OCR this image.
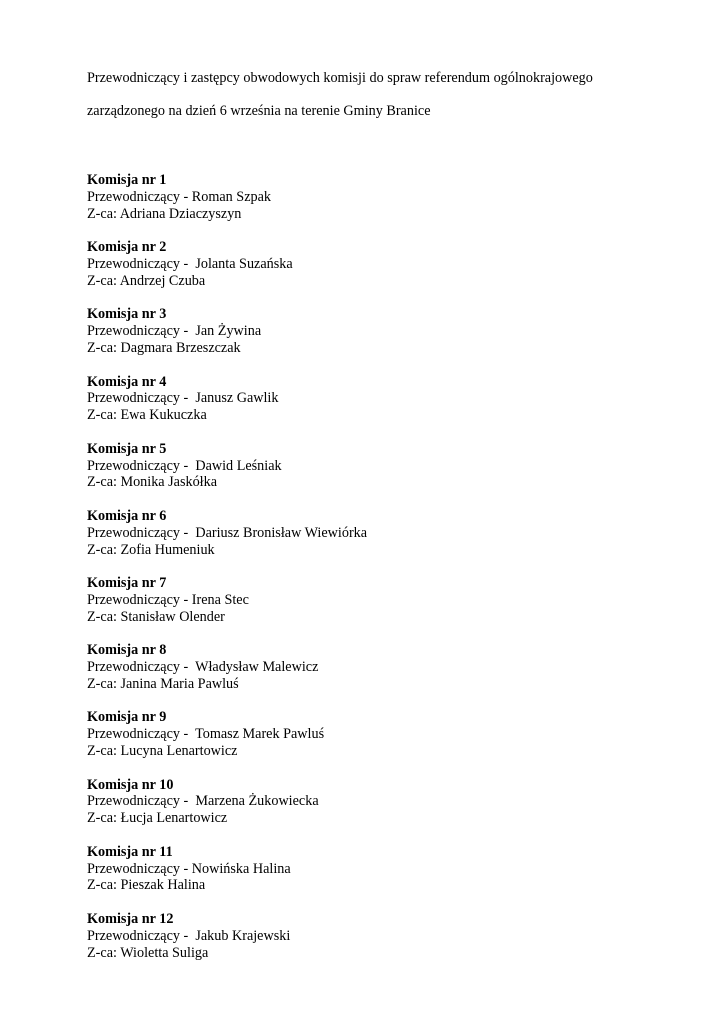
Przewodniczący i zastępcy obwodowych komisji do spraw referendum ogólnokrajowego

zarządzonego na dzień 6 września na terenie Gminy Branice

Komisja nr 1
Przewodniczący - Roman Szpak
Z-ca: Adriana Dziaczyszyn
Komisja nr 2
Przewodniczący -  Jolanta Suzańska
Z-ca: Andrzej Czuba
Komisja nr 3
Przewodniczący -  Jan Żywina
Z-ca: Dagmara Brzeszczak
Komisja nr 4
Przewodniczący -  Janusz Gawlik
Z-ca: Ewa Kukuczka
Komisja nr 5
Przewodniczący -  Dawid Leśniak
Z-ca: Monika Jaskółka
Komisja nr 6
Przewodniczący -  Dariusz Bronisław Wiewiórka
Z-ca: Zofia Humeniuk
Komisja nr 7
Przewodniczący - Irena Stec
Z-ca: Stanisław Olender
Komisja nr 8
Przewodniczący -  Władysław Malewicz
Z-ca: Janina Maria Pawluś
Komisja nr 9
Przewodniczący -  Tomasz Marek Pawluś
Z-ca: Lucyna Lenartowicz
Komisja nr 10
Przewodniczący -  Marzena Żukowiecka
Z-ca: Łucja Lenartowicz
Komisja nr 11
Przewodniczący - Nowińska Halina
Z-ca: Pieszak Halina
Komisja nr 12
Przewodniczący -  Jakub Krajewski
Z-ca: Wioletta Suliga
